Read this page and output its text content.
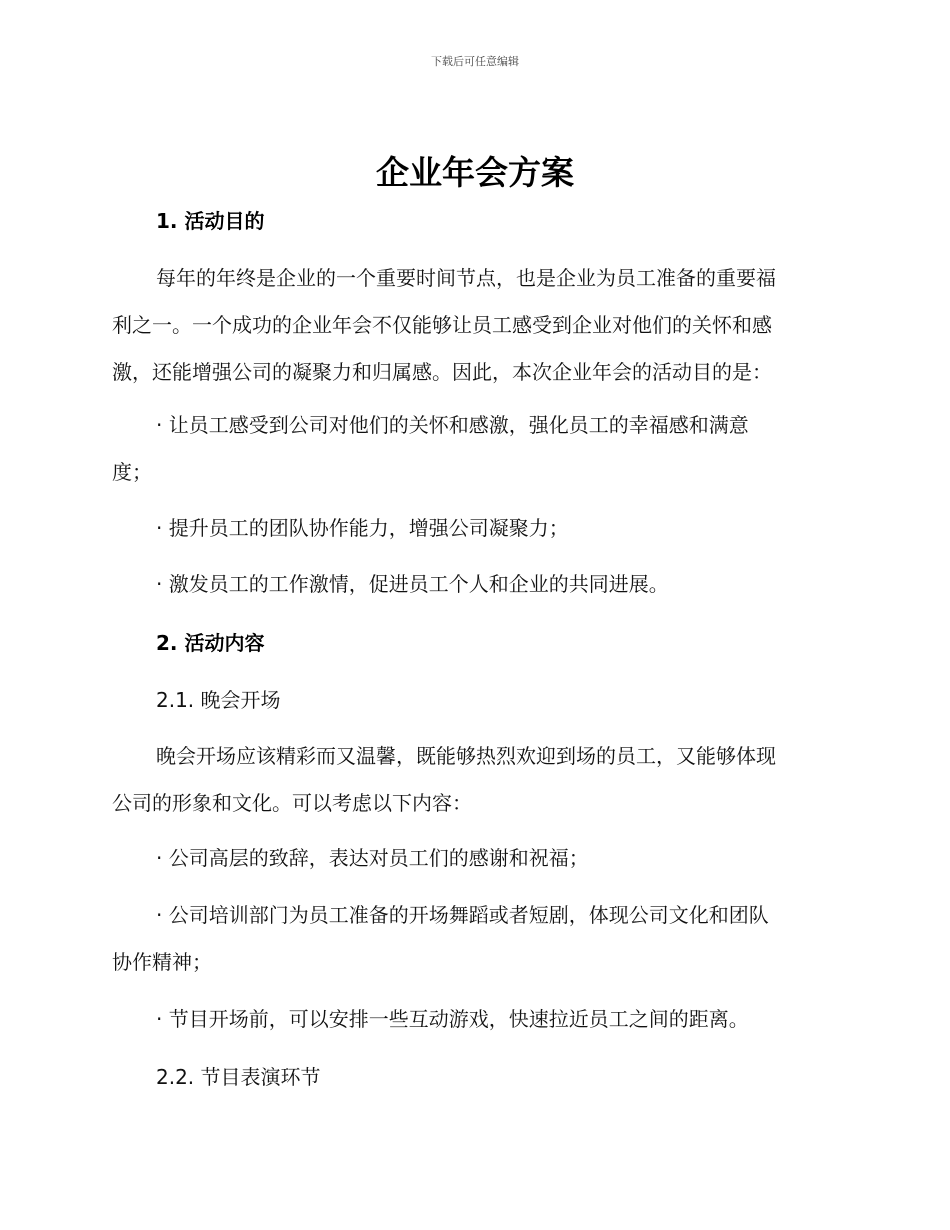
下载后可任意编辑
企业年会方案
1. 活动目的
每年的年终是企业的一个重要时间节点，也是企业为员工准备的重要福
利之一。一个成功的企业年会不仅能够让员工感受到企业对他们的关怀和感
激，还能增强公司的凝聚力和归属感。因此，本次企业年会的活动目的是：
· 让员工感受到公司对他们的关怀和感激，强化员工的幸福感和满意
度；
· 提升员工的团队协作能力，增强公司凝聚力；
· 激发员工的工作激情，促进员工个人和企业的共同进展。
2. 活动内容
2.1. 晚会开场
晚会开场应该精彩而又温馨，既能够热烈欢迎到场的员工，又能够体现
公司的形象和文化。可以考虑以下内容：
· 公司高层的致辞，表达对员工们的感谢和祝福；
· 公司培训部门为员工准备的开场舞蹈或者短剧，体现公司文化和团队
协作精神；
· 节目开场前，可以安排一些互动游戏，快速拉近员工之间的距离。
2.2. 节目表演环节
